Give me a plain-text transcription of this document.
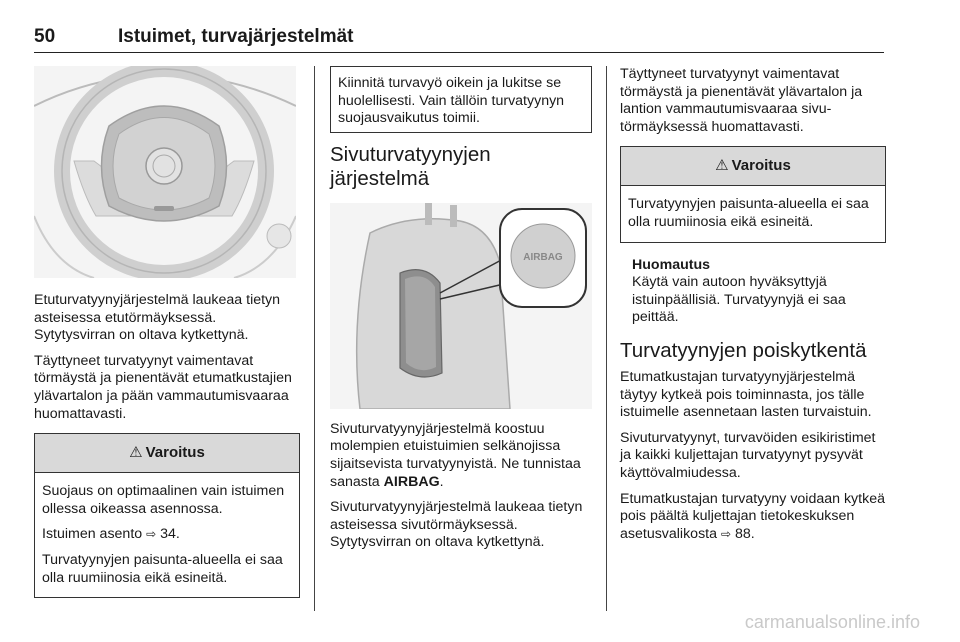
50	Istuimet, turvajärjestelmät

Etuturvatyynyjärjestelmä laukeaa tietyn asteisessa etutörmäyksessä. Sytytysvirran on oltava kytkettynä.

Täyttyneet turvatyynyt vaimentavat törmäystä ja pienentävät etumatkustajien ylävartalon ja pään vammautumisvaaraa huomattavasti.

⚠ Varoitus

Suojaus on optimaalinen vain istuimen ollessa oikeassa asennossa.

Istuimen asento ⇨ 34.

Turvatyynyjen paisunta-alueella ei saa olla ruumiinosia eikä esineitä.

Kiinnitä turvavyö oikein ja lukitse se huolellisesti. Vain tällöin turvatyynyn suojausvaikutus toimii.
Sivuturvatyynyjen järjestelmä
AIRBAG

Sivuturvatyynyjärjestelmä koostuu molempien etuistuimien selkänojissa sijaitsevista turvatyynyistä. Ne tunnistaa sanasta AIRBAG.

Sivuturvatyynyjärjestelmä laukeaa tietyn asteisessa sivutörmäyksessä. Sytytysvirran on oltava kytkettynä.

Täyttyneet turvatyynyt vaimentavat törmäystä ja pienentävät ylävartalon ja lantion vammautumisvaaraa sivutörmäyksessä huomattavasti.

⚠ Varoitus
Turvatyynyjen paisunta-alueella ei saa olla ruumiinosia eikä esineitä.
Huomautus

Käytä vain autoon hyväksyttyjä istuinpäällisiä. Turvatyynyjä ei saa peittää.

Turvatyynyjen poiskytkentä

Etumatkustajan turvatyynyjärjestelmä täytyy kytkeä pois toiminnasta, jos tälle istuimelle asennetaan lasten turvaistuin.

Sivuturvatyynyt, turvavöiden esikiristimet ja kaikki kuljettajan turvatyynyt pysyvät käyttövalmiudessa.

Etumatkustajan turvatyyny voidaan kytkeä pois päältä kuljettajan tietokeskuksen asetusvalikosta ⇨ 88.

carmanualsonline.info
